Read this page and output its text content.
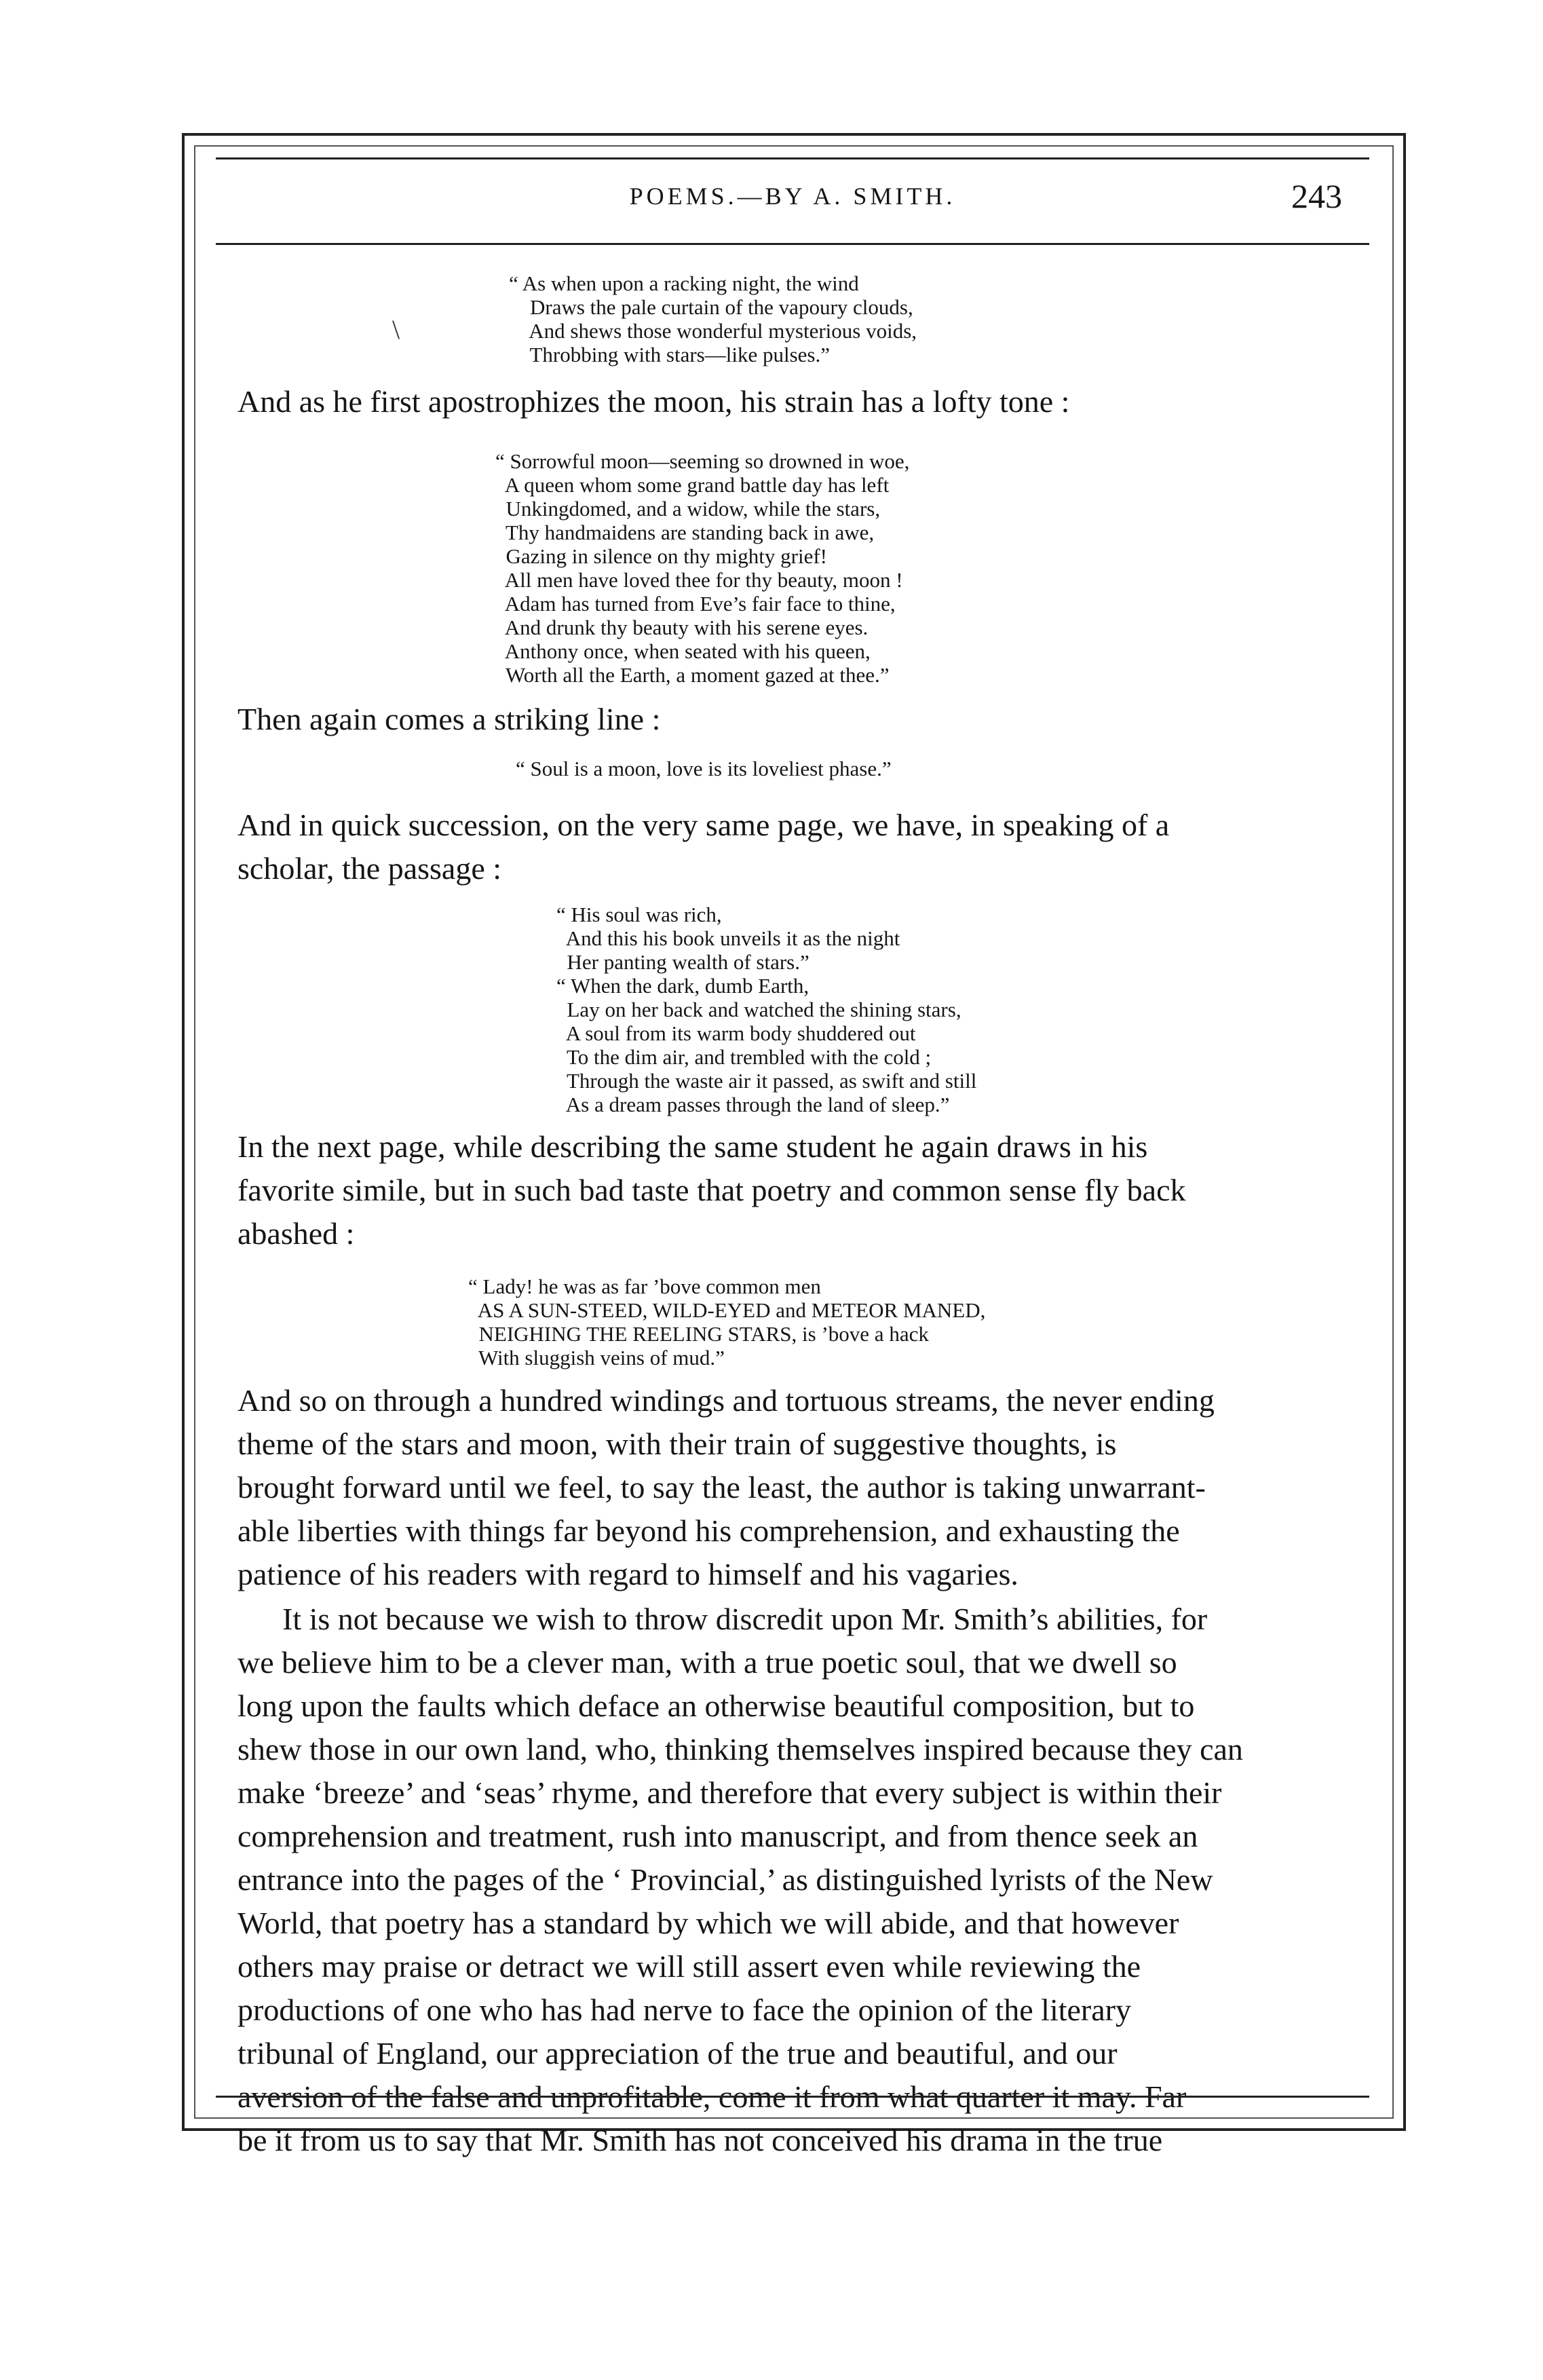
POEMS.—BY A. SMITH.	243
\
“ As when upon a racking night, the wind
Draws the pale curtain of the vapoury clouds,
And shews those wonderful mysterious voids,
Throbbing with stars—like pulses.”
And as he first apostrophizes the moon, his strain has a lofty tone :
“ Sorrowful moon—seeming so drowned in woe,
A queen whom some grand battle day has left
Unkingdomed, and a widow, while the stars,
Thy handmaidens are standing back in awe,
Gazing in silence on thy mighty grief!
All men have loved thee for thy beauty, moon !
Adam has turned from Eve’s fair face to thine,
And drunk thy beauty with his serene eyes.
Anthony once, when seated with his queen,
Worth all the Earth, a moment gazed at thee.”
Then again comes a striking line :
“ Soul is a moon, love is its loveliest phase.”
And in quick succession, on the very same page, we have, in speaking of a
scholar, the passage :
“ His soul was rich,
And this his book unveils it as the night
Her panting wealth of stars.”
“ When the dark, dumb Earth,
Lay on her back and watched the shining stars,
A soul from its warm body shuddered out
To the dim air, and trembled with the cold ;
Through the waste air it passed, as swift and still
As a dream passes through the land of sleep.”
In the next page, while describing the same student he again draws in his
favorite simile, but in such bad taste that poetry and common sense fly back
abashed :
“ Lady! he was as far ’bove common men
AS A SUN-STEED, WILD-EYED and METEOR MANED,
NEIGHING THE REELING STARS, is ’bove a hack
With sluggish veins of mud.”
And so on through a hundred windings and tortuous streams, the never ending
theme of the stars and moon, with their train of suggestive thoughts, is
brought forward until we feel, to say the least, the author is taking unwarrant-
able liberties with things far beyond his comprehension, and exhausting the
patience of his readers with regard to himself and his vagaries.
It is not because we wish to throw discredit upon Mr. Smith’s abilities, for
we believe him to be a clever man, with a true poetic soul, that we dwell so
long upon the faults which deface an otherwise beautiful composition, but to
shew those in our own land, who, thinking themselves inspired because they can
make ‘breeze’ and ‘seas’ rhyme, and therefore that every subject is within their
comprehension and treatment, rush into manuscript, and from thence seek an
entrance into the pages of the ‘ Provincial,’ as distinguished lyrists of the New
World, that poetry has a standard by which we will abide, and that however
others may praise or detract we will still assert even while reviewing the
productions of one who has had nerve to face the opinion of the literary
tribunal of England, our appreciation of the true and beautiful, and our
aversion of the false and unprofitable, come it from what quarter it may. Far
be it from us to say that Mr. Smith has not conceived his drama in the true
